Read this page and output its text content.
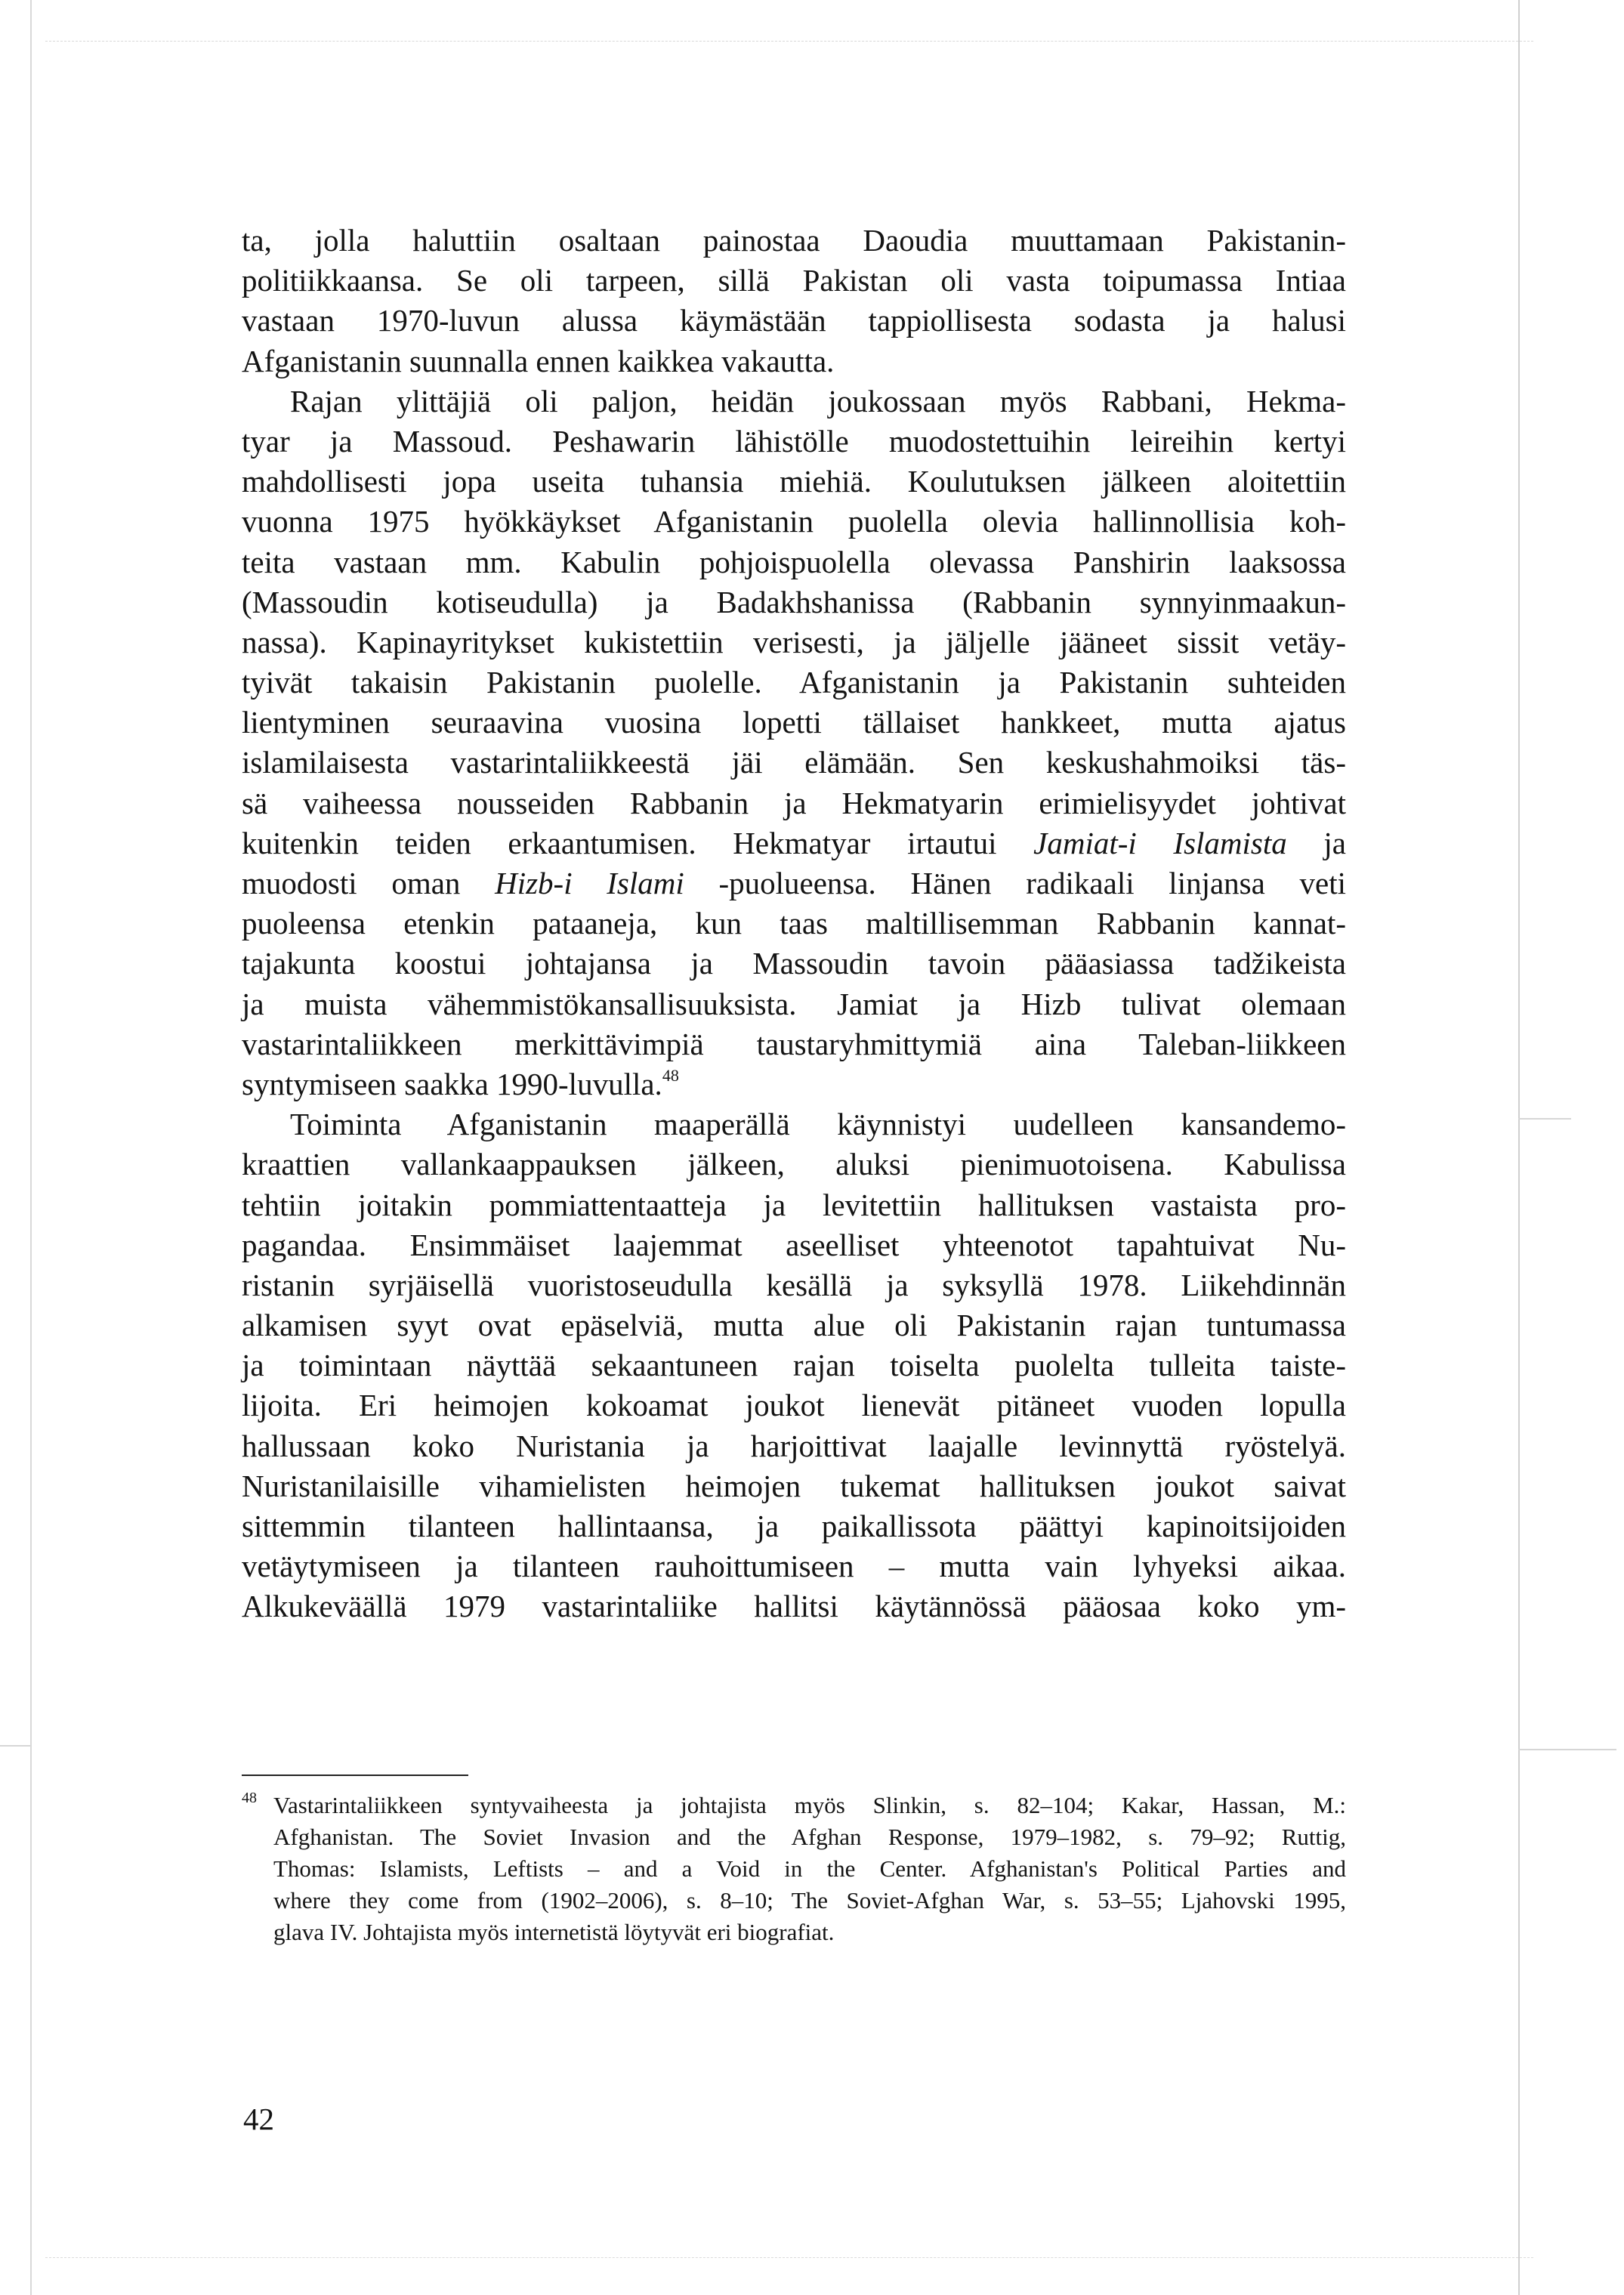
ta, jolla haluttiin osaltaan painostaa Daoudia muuttamaan Pakistanin-
politiikkaansa. Se oli tarpeen, sillä Pakistan oli vasta toipumassa Intiaa
vastaan 1970-luvun alussa käymästään tappiollisesta sodasta ja halusi
Afganistanin suunnalla ennen kaikkea vakautta.
Rajan ylittäjiä oli paljon, heidän joukossaan myös Rabbani, Hekma-
tyar ja Massoud. Peshawarin lähistölle muodostettuihin leireihin kertyi
mahdollisesti jopa useita tuhansia miehiä. Koulutuksen jälkeen aloitettiin
vuonna 1975 hyökkäykset Afganistanin puolella olevia hallinnollisia koh-
teita vastaan mm. Kabulin pohjoispuolella olevassa Panshirin laaksossa
(Massoudin kotiseudulla) ja Badakhshanissa (Rabbanin synnyinmaakun-
nassa). Kapinayritykset kukistettiin verisesti, ja jäljelle jääneet sissit vetäy-
tyivät takaisin Pakistanin puolelle. Afganistanin ja Pakistanin suhteiden
lientyminen seuraavina vuosina lopetti tällaiset hankkeet, mutta ajatus
islamilaisesta vastarintaliikkeestä jäi elämään. Sen keskushahmoiksi täs-
sä vaiheessa nousseiden Rabbanin ja Hekmatyarin erimielisyydet johtivat
kuitenkin teiden erkaantumisen. Hekmatyar irtautui Jamiat-i Islamista ja
muodosti oman Hizb-i Islami -puolueensa. Hänen radikaali linjansa veti
puoleensa etenkin pataaneja, kun taas maltillisemman Rabbanin kannat-
tajakunta koostui johtajansa ja Massoudin tavoin pääasiassa tadžikeista
ja muista vähemmistökansallisuuksista. Jamiat ja Hizb tulivat olemaan
vastarintaliikkeen merkittävimpiä taustaryhmittymiä aina Taleban-liikkeen
syntymiseen saakka 1990-luvulla.$^{48}$
Toiminta Afganistanin maaperällä käynnistyi uudelleen kansandemo-
kraattien vallankaappauksen jälkeen, aluksi pienimuotoisena. Kabulissa
tehtiin joitakin pommiattentaatteja ja levitettiin hallituksen vastaista pro-
pagandaa. Ensimmäiset laajemmat aseelliset yhteenotot tapahtuivat Nu-
ristanin syrjäisellä vuoristoseudulla kesällä ja syksyllä 1978. Liikehdinnän
alkamisen syyt ovat epäselviä, mutta alue oli Pakistanin rajan tuntumassa
ja toimintaan näyttää sekaantuneen rajan toiselta puolelta tulleita taiste-
lijoita. Eri heimojen kokoamat joukot lienevät pitäneet vuoden lopulla
hallussaan koko Nuristania ja harjoittivat laajalle levinnyttä ryöstelyä.
Nuristanilaisille vihamielisten heimojen tukemat hallituksen joukot saivat
sittemmin tilanteen hallintaansa, ja paikallissota päättyi kapinoitsijoiden
vetäytymiseen ja tilanteen rauhoittumiseen – mutta vain lyhyeksi aikaa.
Alkukeväällä 1979 vastarintaliike hallitsi käytännössä pääosaa koko ym-
48 Vastarintaliikkeen syntyvaiheesta ja johtajista myös Slinkin, s. 82–104; Kakar, Hassan, M.:
Afghanistan. The Soviet Invasion and the Afghan Response, 1979–1982, s. 79–92; Ruttig,
Thomas: Islamists, Leftists – and a Void in the Center. Afghanistan's Political Parties and
where they come from (1902–2006), s. 8–10; The Soviet-Afghan War, s. 53–55; Ljahovski 1995,
glava IV. Johtajista myös internetistä löytyvät eri biografiat.
42
